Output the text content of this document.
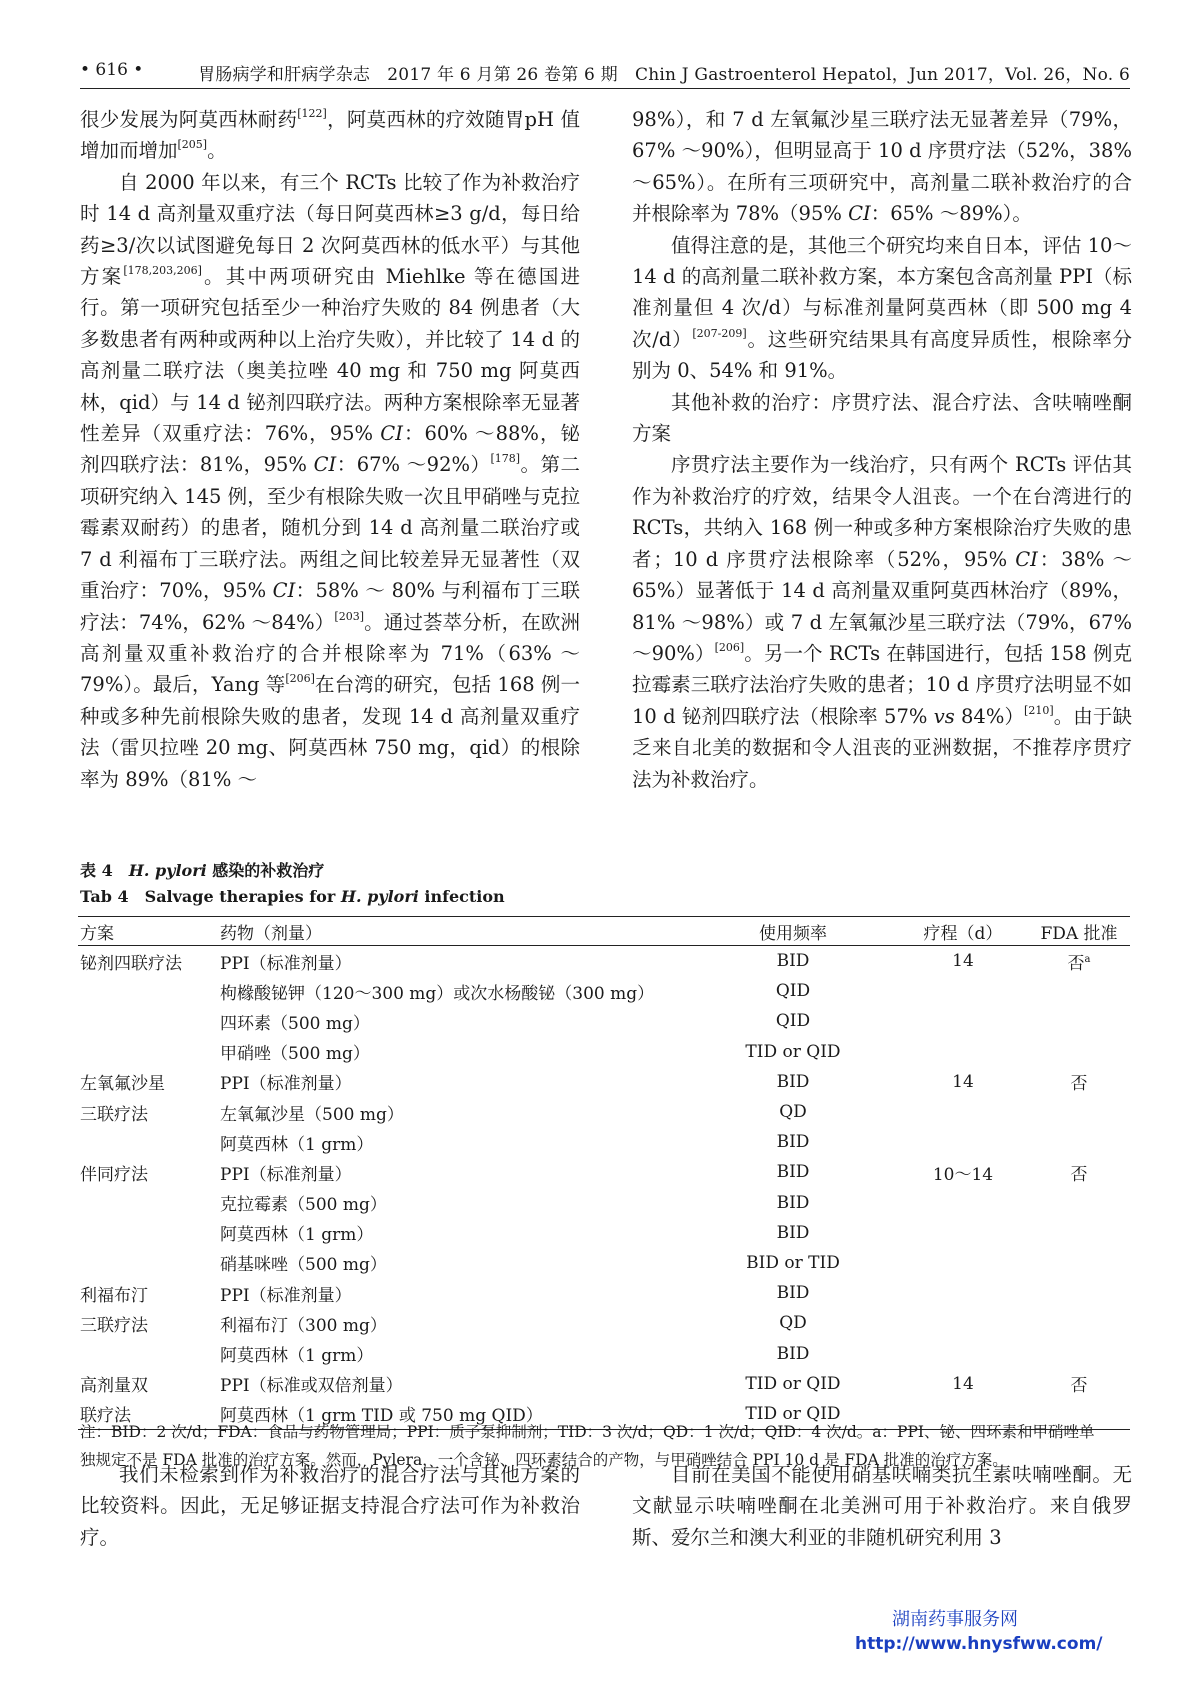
• 616 •	胃肠病学和肝病学杂志　2017 年 6 月第 26 卷第 6 期　Chin J Gastroenterol Hepatol，Jun 2017，Vol. 26，No. 6

很少发展为阿莫西林耐药[122]，阿莫西林的疗效随胃pH 值增加而增加[205]。

自 2000 年以来，有三个 RCTs 比较了作为补救治疗时 14 d 高剂量双重疗法（每日阿莫西林≥3 g/d，每日给药≥3/次以试图避免每日 2 次阿莫西林的低水平）与其他方案[178,203,206]。其中两项研究由 Miehlke 等在德国进行。第一项研究包括至少一种治疗失败的 84 例患者（大多数患者有两种或两种以上治疗失败），并比较了 14 d 的高剂量二联疗法（奥美拉唑 40 mg 和 750 mg 阿莫西林，qid）与 14 d 铋剂四联疗法。两种方案根除率无显著性差异（双重疗法：76%，95% CI：60% ～88%，铋剂四联疗法：81%，95% CI：67% ～92%）[178]。第二项研究纳入 145 例，至少有根除失败一次且甲硝唑与克拉霉素双耐药）的患者，随机分到 14 d 高剂量二联治疗或 7 d 利福布丁三联疗法。两组之间比较差异无显著性（双重治疗：70%，95% CI：58% ～ 80% 与利福布丁三联疗法：74%，62% ～84%）[203]。通过荟萃分析，在欧洲高剂量双重补救治疗的合并根除率为 71%（63% ～79%）。最后，Yang 等[206]在台湾的研究，包括 168 例一种或多种先前根除失败的患者，发现 14 d 高剂量双重疗法（雷贝拉唑 20 mg、阿莫西林 750 mg，qid）的根除率为 89%（81% ～

98%），和 7 d 左氧氟沙星三联疗法无显著差异（79%，67% ～90%），但明显高于 10 d 序贯疗法（52%，38% ～65%）。在所有三项研究中，高剂量二联补救治疗的合并根除率为 78%（95% CI：65% ～89%）。

值得注意的是，其他三个研究均来自日本，评估 10～14 d 的高剂量二联补救方案，本方案包含高剂量 PPI（标准剂量但 4 次/d）与标准剂量阿莫西林（即 500 mg 4 次/d）[207-209]。这些研究结果具有高度异质性，根除率分别为 0、54% 和 91%。

其他补救的治疗：序贯疗法、混合疗法、含呋喃唑酮方案

序贯疗法主要作为一线治疗，只有两个 RCTs 评估其作为补救治疗的疗效，结果令人沮丧。一个在台湾进行的 RCTs，共纳入 168 例一种或多种方案根除治疗失败的患者；10 d 序贯疗法根除率（52%，95% CI：38% ～65%）显著低于 14 d 高剂量双重阿莫西林治疗（89%，81% ～98%）或 7 d 左氧氟沙星三联疗法（79%，67% ～90%）[206]。另一个 RCTs 在韩国进行，包括 158 例克拉霉素三联疗法治疗失败的患者；10 d 序贯疗法明显不如 10 d 铋剂四联疗法（根除率 57% vs 84%）[210]。由于缺乏来自北美的数据和令人沮丧的亚洲数据，不推荐序贯疗法为补救治疗。

表 4　H. pylori 感染的补救治疗
Tab 4　Salvage therapies for H. pylori infection
方案	药物（剂量）	使用频率	疗程（d）	FDA 批准
铋剂四联疗法	PPI（标准剂量）	BID	14	否$^a$
	枸橼酸铋钾（120～300 mg）或次水杨酸铋（300 mg）	QID		
	四环素（500 mg）	QID		
	甲硝唑（500 mg）	TID or QID		
左氧氟沙星	PPI（标准剂量）	BID	14	否
三联疗法	左氧氟沙星（500 mg）	QD		
	阿莫西林（1 grm）	BID		
伴同疗法	PPI（标准剂量）	BID	10～14	否
	克拉霉素（500 mg）	BID		
	阿莫西林（1 grm）	BID		
	硝基咪唑（500 mg）	BID or TID		
利福布汀	PPI（标准剂量）	BID		
三联疗法	利福布汀（300 mg）	QD		
	阿莫西林（1 grm）	BID		
高剂量双	PPI（标准或双倍剂量）	TID or QID	14	否
联疗法	阿莫西林（1 grm TID 或 750 mg QID）	TID or QID		

注：BID：2 次/d；FDA：食品与药物管理局；PPI：质子泵抑制剂；TID：3 次/d；QD：1 次/d；QID：4 次/d。a：PPI、铋、四环素和甲硝唑单

独规定不是 FDA 批准的治疗方案。然而，Pylera，一个含铋、四环素结合的产物，与甲硝唑结合 PPI 10 d 是 FDA 批准的治疗方案。

我们未检索到作为补救治疗的混合疗法与其他方案的比较资料。因此，无足够证据支持混合疗法可作为补救治疗。

目前在美国不能使用硝基呋喃类抗生素呋喃唑酮。无文献显示呋喃唑酮在北美洲可用于补救治疗。来自俄罗斯、爱尔兰和澳大利亚的非随机研究利用 3

湖南药事服务网
http://www.hnysfww.com/
